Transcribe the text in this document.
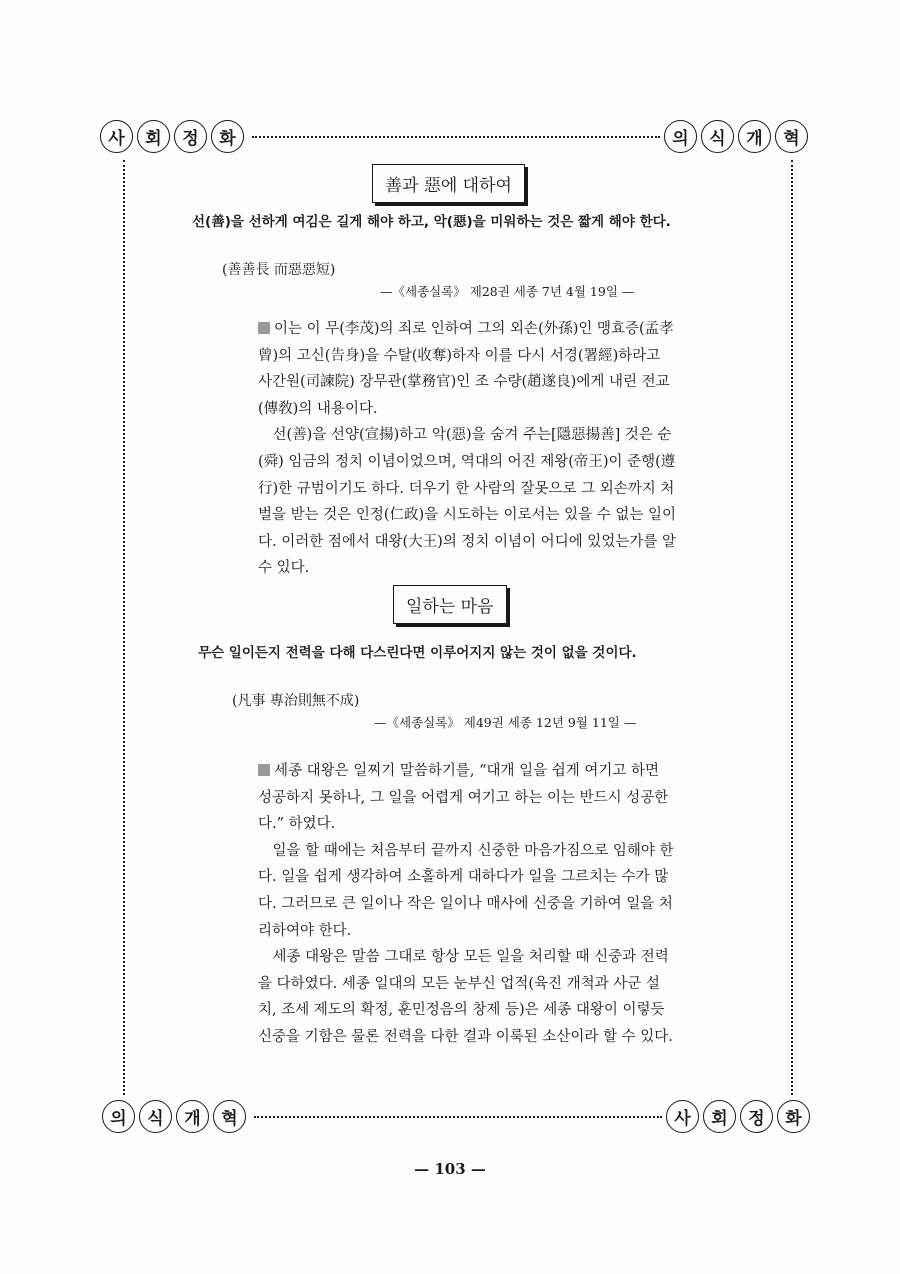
사	회	정	화	의	식	개	혁
善과 惡에 대하여
선(善)을 선하게 여김은 길게 해야 하고, 악(惡)을 미워하는 것은 짧게 해야 한다.
(善善長 而惡惡短)
—《세종실록》 제28권 세종 7년 4월 19일 —

이는 이 무(李茂)의 죄로 인하여 그의 외손(外孫)인 맹효증(孟孝曾)의 고신(告身)을 수탈(收奪)하자 이를 다시 서경(署經)하라고 사간원(司諫院) 장무관(掌務官)인 조 수량(趙遂良)에게 내린 전교(傳敎)의 내용이다.

선(善)을 선양(宣揚)하고 악(惡)을 숨겨 주는[隱惡揚善] 것은 순(舜) 임금의 정치 이념이었으며, 역대의 어진 제왕(帝王)이 준행(遵行)한 규범이기도 하다. 더우기 한 사람의 잘못으로 그 외손까지 처벌을 받는 것은 인정(仁政)을 시도하는 이로서는 있을 수 없는 일이다. 이러한 점에서 대왕(大王)의 정치 이념이 어디에 있었는가를 알 수 있다.

일하는 마음
무슨 일이든지 전력을 다해 다스린다면 이루어지지 않는 것이 없을 것이다.
(凡事 專治則無不成)
—《세종실록》 제49권 세종 12년 9월 11일 —

세종 대왕은 일찌기 말씀하기를, “대개 일을 쉽게 여기고 하면 성공하지 못하나, 그 일을 어렵게 여기고 하는 이는 반드시 성공한다.” 하였다.

일을 할 때에는 처음부터 끝까지 신중한 마음가짐으로 임해야 한다. 일을 쉽게 생각하여 소홀하게 대하다가 일을 그르치는 수가 많다. 그러므로 큰 일이나 작은 일이나 매사에 신중을 기하여 일을 처리하여야 한다.

세종 대왕은 말씀 그대로 항상 모든 일을 처리할 때 신중과 전력을 다하였다. 세종 일대의 모든 눈부신 업적(육진 개척과 사군 설치, 조세 제도의 확정, 훈민정음의 창제 등)은 세종 대왕이 이렇듯 신중을 기함은 물론 전력을 다한 결과 이룩된 소산이라 할 수 있다.

의	식	개	혁	사	회	정	화
— 103 —
